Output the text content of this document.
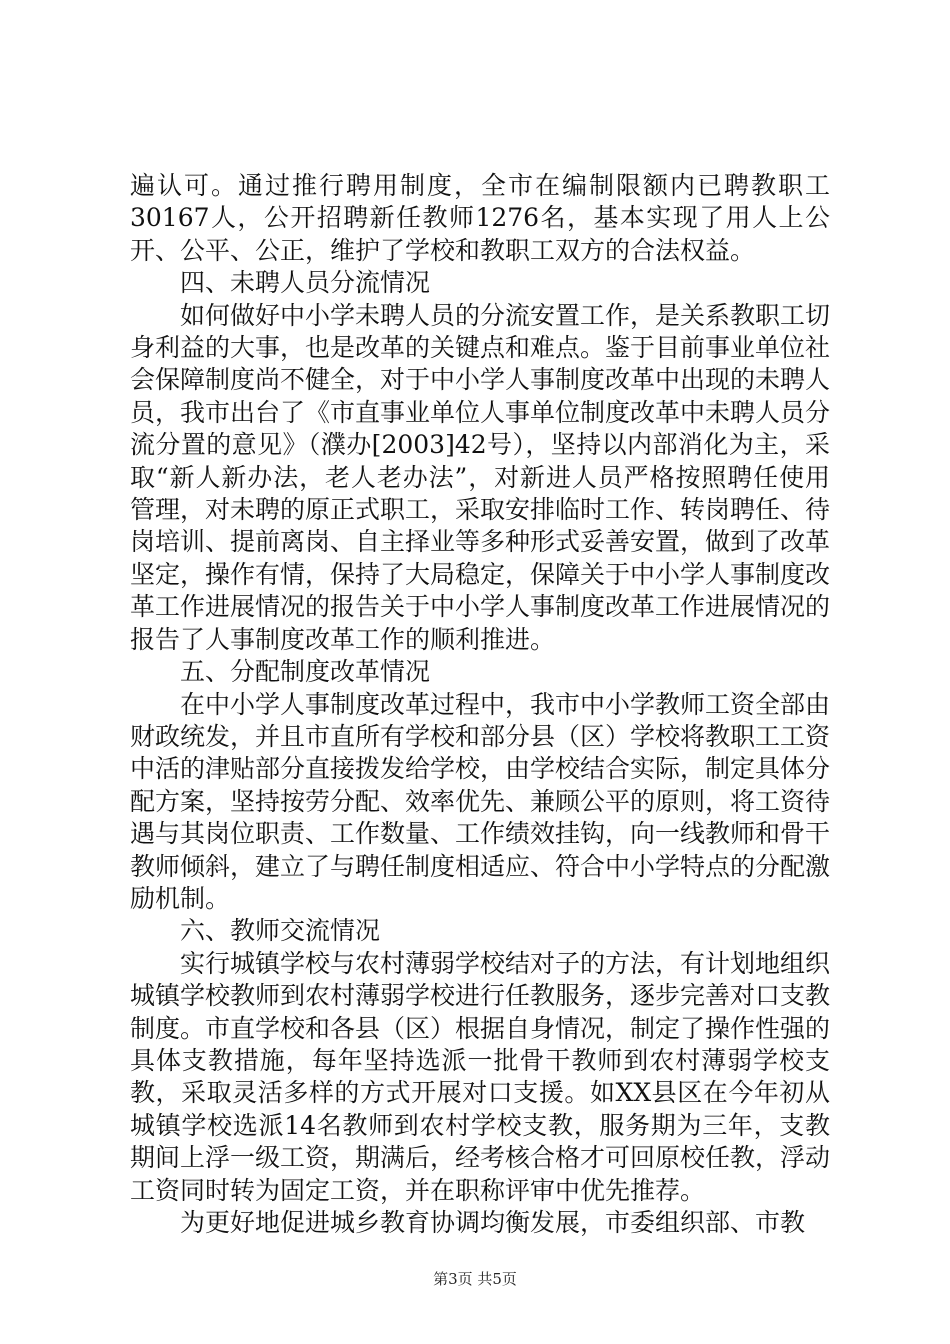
遍认可。通过推行聘用制度，全市在编制限额内已聘教职工30167人，公开招聘新任教师1276名，基本实现了用人上公开、公平、公正，维护了学校和教职工双方的合法权益。

四、未聘人员分流情况

如何做好中小学未聘人员的分流安置工作，是关系教职工切身利益的大事，也是改革的关键点和难点。鉴于目前事业单位社会保障制度尚不健全，对于中小学人事制度改革中出现的未聘人员，我市出台了《市直事业单位人事单位制度改革中未聘人员分流分置的意见》（濮办[2003]42号），坚持以内部消化为主，采取“新人新办法，老人老办法”，对新进人员严格按照聘任使用管理，对未聘的原正式职工，采取安排临时工作、转岗聘任、待岗培训、提前离岗、自主择业等多种形式妥善安置，做到了改革坚定，操作有情，保持了大局稳定，保障关于中小学人事制度改革工作进展情况的报告关于中小学人事制度改革工作进展情况的报告了人事制度改革工作的顺利推进。

五、分配制度改革情况

在中小学人事制度改革过程中，我市中小学教师工资全部由财政统发，并且市直所有学校和部分县（区）学校将教职工工资中活的津贴部分直接拨发给学校，由学校结合实际，制定具体分配方案，坚持按劳分配、效率优先、兼顾公平的原则，将工资待遇与其岗位职责、工作数量、工作绩效挂钩，向一线教师和骨干教师倾斜，建立了与聘任制度相适应、符合中小学特点的分配激励机制。

六、教师交流情况

实行城镇学校与农村薄弱学校结对子的方法，有计划地组织城镇学校教师到农村薄弱学校进行任教服务，逐步完善对口支教制度。市直学校和各县（区）根据自身情况，制定了操作性强的具体支教措施，每年坚持选派一批骨干教师到农村薄弱学校支教，采取灵活多样的方式开展对口支援。如XX县区在今年初从城镇学校选派14名教师到农村学校支教，服务期为三年，支教期间上浮一级工资，期满后，经考核合格才可回原校任教，浮动工资同时转为固定工资，并在职称评审中优先推荐。

为更好地促进城乡教育协调均衡发展，市委组织部、市教

第3页 共5页
